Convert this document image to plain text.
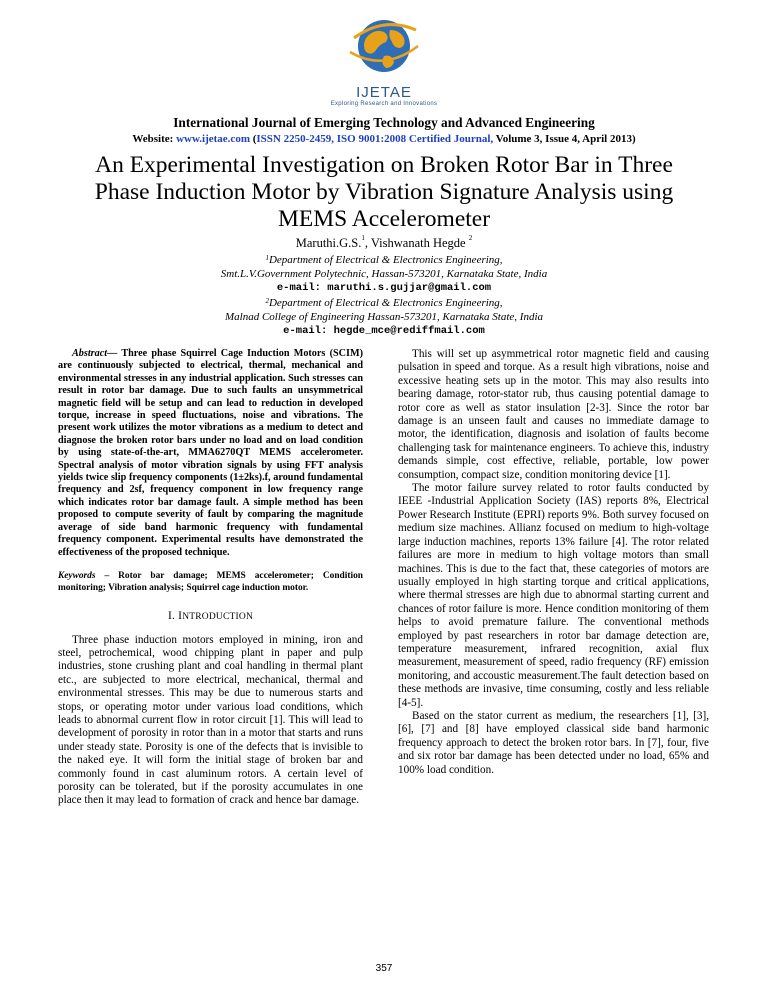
IJETAE
Exploring Research and Innovations
International Journal of Emerging Technology and Advanced Engineering
Website: www.ijetae.com (ISSN 2250-2459, ISO 9001:2008 Certified Journal, Volume 3, Issue 4, April 2013)
An Experimental Investigation on Broken Rotor Bar in Three
Phase Induction Motor by Vibration Signature Analysis using
MEMS Accelerometer
Maruthi.G.S.$^1$, Vishwanath Hegde $^2$
$^1$Department of Electrical & Electronics Engineering,
Smt.L.V.Government Polytechnic, Hassan-573201, Karnataka State, India
e-mail: maruthi.s.gujjar@gmail.com
$^2$Department of Electrical & Electronics Engineering,
Malnad College of Engineering Hassan-573201, Karnataka State, India
e-mail: hegde_mce@rediffmail.com
Abstract— Three phase Squirrel Cage Induction Motors (SCIM) are continuously subjected to electrical, thermal, mechanical and environmental stresses in any industrial application. Such stresses can result in rotor bar damage. Due to such faults an unsymmetrical magnetic field will be setup and can lead to reduction in developed torque, increase in speed fluctuations, noise and vibrations. The present work utilizes the motor vibrations as a medium to detect and diagnose the broken rotor bars under no load and on load condition by using state-of-the-art, MMA6270QT MEMS accelerometer. Spectral analysis of motor vibration signals by using FFT analysis yields twice slip frequency components (1±2ks).f, around fundamental frequency and 2sf, frequency component in low frequency range which indicates rotor bar damage fault. A simple method has been proposed to compute severity of fault by comparing the magnitude average of side band harmonic frequency with fundamental frequency component. Experimental results have demonstrated the effectiveness of the proposed technique.
Keywords – Rotor bar damage; MEMS accelerometer; Condition monitoring; Vibration analysis; Squirrel cage induction motor.
I. INTRODUCTION

Three phase induction motors employed in mining, iron and steel, petrochemical, wood chipping plant in paper and pulp industries, stone crushing plant and coal handling in thermal plant etc., are subjected to more electrical, mechanical, thermal and environmental stresses. This may be due to numerous starts and stops, or operating motor under various load conditions, which leads to abnormal current flow in rotor circuit [1]. This will lead to development of porosity in rotor than in a motor that starts and runs under steady state. Porosity is one of the defects that is invisible to the naked eye. It will form the initial stage of broken bar and commonly found in cast aluminum rotors. A certain level of porosity can be tolerated, but if the porosity accumulates in one place then it may lead to formation of crack and hence bar damage.

This will set up asymmetrical rotor magnetic field and causing pulsation in speed and torque. As a result high vibrations, noise and excessive heating sets up in the motor. This may also results into bearing damage, rotor-stator rub, thus causing potential damage to rotor core as well as stator insulation [2-3]. Since the rotor bar damage is an unseen fault and causes no immediate damage to motor, the identification, diagnosis and isolation of faults become challenging task for maintenance engineers. To achieve this, industry demands simple, cost effective, reliable, portable, low power consumption, compact size, condition monitoring device [1].

The motor failure survey related to rotor faults conducted by IEEE -Industrial Application Society (IAS) reports 8%, Electrical Power Research Institute (EPRI) reports 9%. Both survey focused on medium size machines. Allianz focused on medium to high-voltage large induction machines, reports 13% failure [4]. The rotor related failures are more in medium to high voltage motors than small machines. This is due to the fact that, these categories of motors are usually employed in high starting torque and critical applications, where thermal stresses are high due to abnormal starting current and chances of rotor failure is more. Hence condition monitoring of them helps to avoid premature failure. The conventional methods employed by past researchers in rotor bar damage detection are, temperature measurement, infrared recognition, axial flux measurement, measurement of speed, radio frequency (RF) emission monitoring, and accoustic measurement.The fault detection based on these methods are invasive, time consuming, costly and less reliable [4-5].

Based on the stator current as medium, the researchers [1], [3], [6], [7] and [8] have employed classical side band harmonic frequency approach to detect the broken rotor bars. In [7], four, five and six rotor bar damage has been detected under no load, 65% and 100% load condition.

357
